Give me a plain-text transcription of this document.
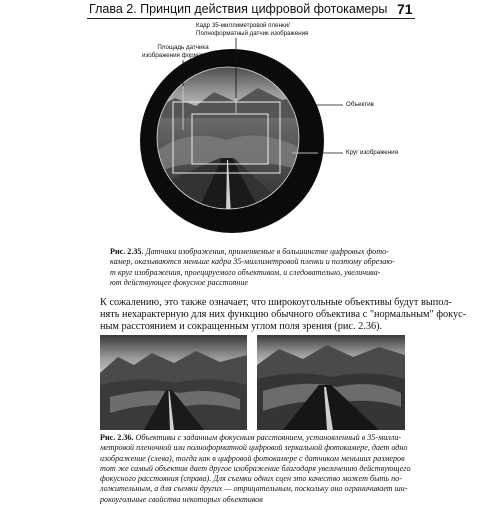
Глава 2. Принцип действия цифровой фотокамеры 71
Кадр 35-миллиметровой пленки/
Полноформатный датчик изображения
Площадь датчика
изображения формата APS-C
Объектив
Круг изображения
Рис. 2.35. Датчики изображения, применяемые в большинстве цифровых фото-
камер, оказываются меньше кадра 35-миллиметровой пленки и поэтому обрезаю-
т круг изображения, проецируемого объективом, и следовательно, увеличива-
ют действующее фокусное расстояние
К сожалению, это также означает, что широкоугольные объективы будут выпол-
нять нехарактерную для них функцию обычного объектива с "нормальным" фокус-
ным расстоянием и сокращенным углом поля зрения (рис. 2.36).
Рис. 2.36. Объективы с заданным фокусным расстоянием, установленный в 35-милли-
метровой пленочной или полноформатной цифровой зеркальной фотокамере, дает одно
изображение (слева), тогда как в цифровой фотокамере с датчиком меньших размеров
тот же самый объектив дает другое изображение благодаря увеличению действующего
фокусного расстояния (справа). Для съемки одних сцен это качество может быть по-
ложительным, а для съемки других — отрицательным, поскольку оно ограничивает ши-
рокоугольные свойства некоторых объективов
